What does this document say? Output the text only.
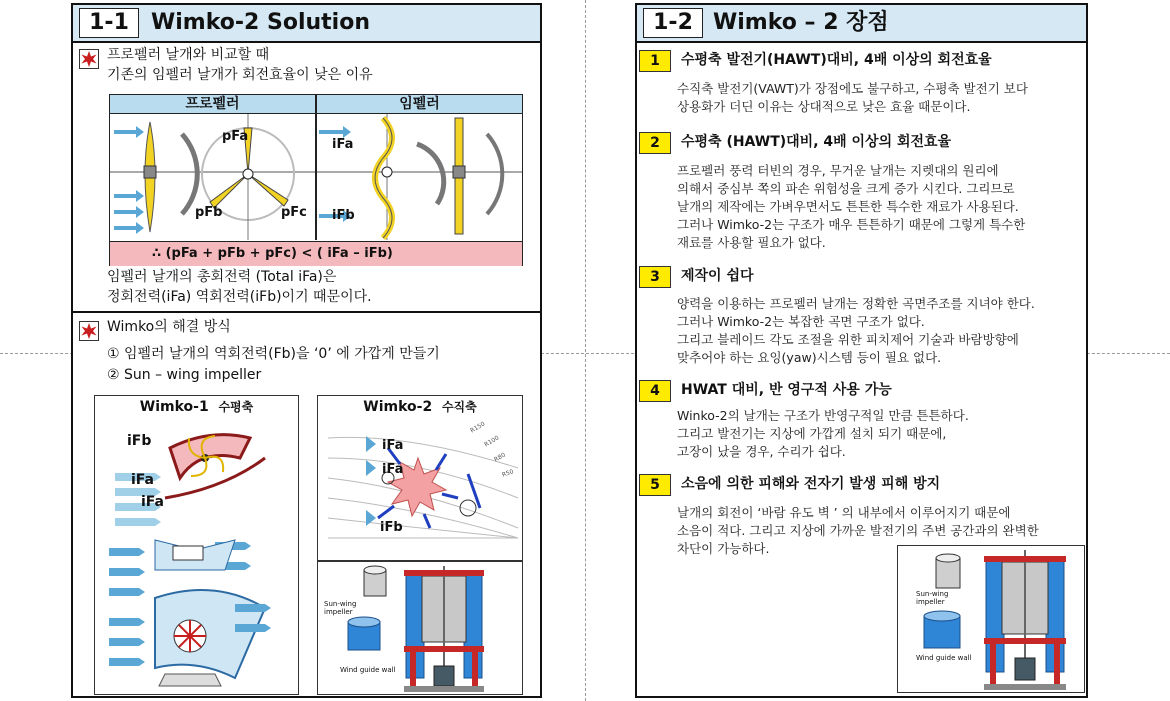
1-1	Wimko-2 Solution
프로펠러 날개와 비교할 때
기존의 임펠러 날개가 회전효율이 낮은 이유
프로펠러	임펠러
pFa
pFb	pFc
iFa
iFb
∴ (pFa + pFb + pFc) < ( iFa – iFb)
임펠러 날개의 총회전력 (Total iFa)은
정회전력(iFa) 역회전력(iFb)이기 때문이다.
Wimko의 해결 방식
① 임펠러 날개의 역회전력(Fb)을 ‘0’ 에 가깝게 만들기
② Sun – wing impeller
Wimko-1 수평축
iFb
iFa
iFa
Wimko-2 수직축
iFa
iFa
iFb
R150
R100
R80
R50
Sun-wing impeller
Wind guide wall
1-2 Wimko – 2 장점
1	수평축 발전기(HAWT)대비, 4배 이상의 회전효율
수직축 발전기(VAWT)가 장점에도 불구하고, 수평축 발전기 보다
상용화가 더딘 이유는 상대적으로 낮은 효율 때문이다.
2	수평축 (HAWT)대비, 4배 이상의 회전효율
프로펠러 풍력 터빈의 경우, 무거운 날개는 지렛대의 원리에
의해서 중심부 쪽의 파손 위험성을 크게 증가 시킨다. 그리므로
날개의 제작에는 가벼우면서도 튼튼한 특수한 재료가 사용된다.
그러나 Wimko-2는 구조가 매우 튼튼하기 때문에 그렇게 특수한
재료를 사용할 필요가 없다.
3	제작이 쉽다
양력을 이용하는 프로펠러 날개는 정확한 곡면주조를 지녀야 한다.
그러나 Wimko-2는 복잡한 곡면 구조가 없다.
그리고 블레이드 각도 조절을 위한 피치제어 기술과 바람방향에
맞추어야 하는 요잉(yaw)시스템 등이 필요 없다.
4	HWAT 대비, 반 영구적 사용 가능
Winko-2의 날개는 구조가 반영구적일 만큼 튼튼하다.
그리고 발전기는 지상에 가깝게 설치 되기 때문에,
고장이 났을 경우, 수리가 쉽다.
5	소음에 의한 피해와 전자기 발생 피해 방지
날개의 회전이 ‘바람 유도 벽 ’ 의 내부에서 이루어지기 때문에
소음이 적다. 그리고 지상에 가까운 발전기의 주변 공간과의 완벽한
차단이 가능하다.
Sun-wing impeller
Wind guide wall
